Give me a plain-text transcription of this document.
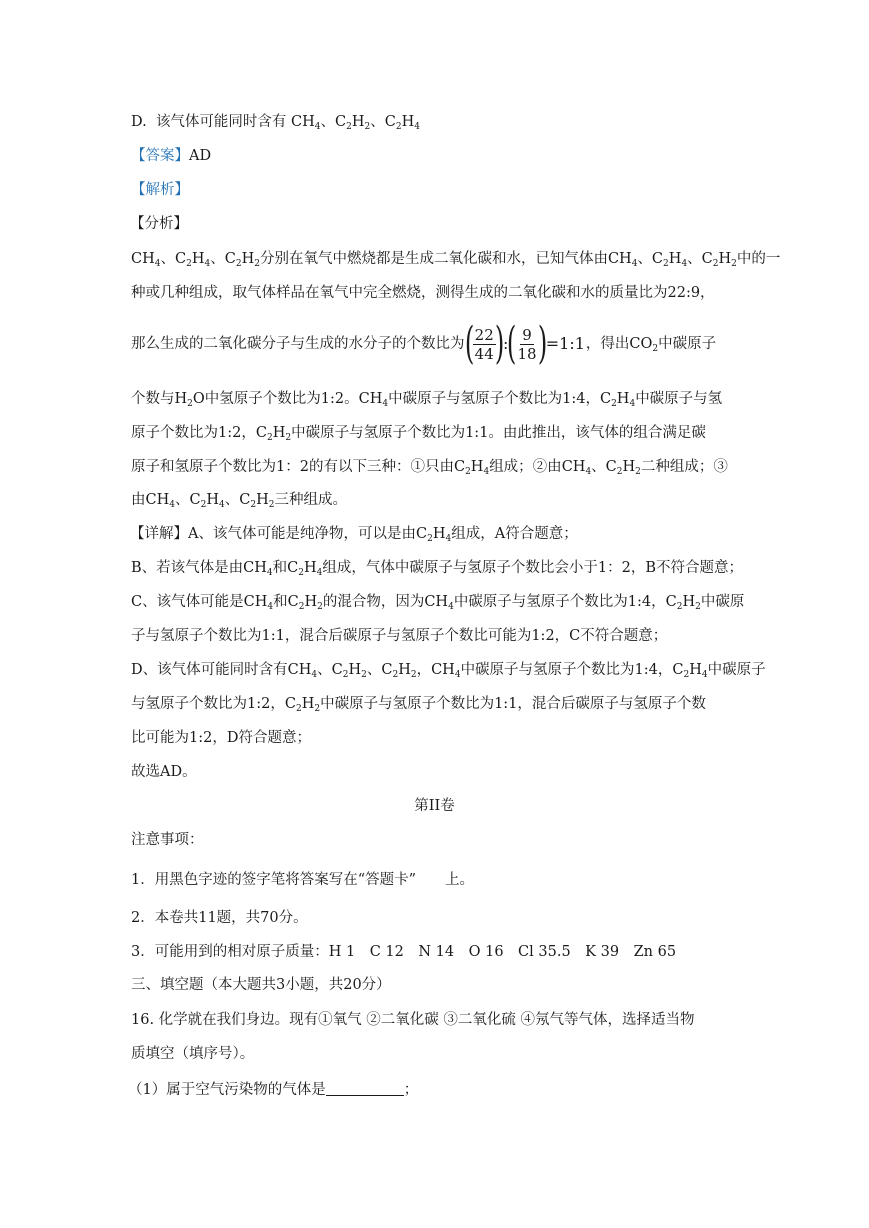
D. 该气体可能同时含有 $CH_4$、$C_2H_2$、$C_2H_4$
【答案】AD
【解析】
【分析】
$CH_4$、$C_2H_4$、$C_2H_2$分别在氧气中燃烧都是生成二氧化碳和水，已知气体由$CH_4$、$C_2H_4$、$C_2H_2$中的一
种或几种组成，取气体样品在氧气中完全燃烧，测得生成的二氧化碳和水的质量比为22:9，
那么生成的二氧化碳分子与生成的水分子的个数比为 (
$\frac{22}{44}$
)
:
(
$\frac{9}{18}$
)
=1:1 ，得出$CO_2$中碳原子
个数与$H_2O$中氢原子个数比为1:2。$CH_4$中碳原子与氢原子个数比为1:4，$C_2H_4$中碳原子与氢
原子个数比为1:2，$C_2H_2$中碳原子与氢原子个数比为1:1。由此推出，该气体的组合满足碳
原子和氢原子个数比为1：2的有以下三种：①只由$C_2H_4$组成；②由$CH_4$、$C_2H_2$二种组成；③
由$CH_4$、$C_2H_4$、$C_2H_2$三种组成。
【详解】A、该气体可能是纯净物，可以是由$C_2H_4$组成，A符合题意；
B、若该气体是由$CH_4$和$C_2H_4$组成，气体中碳原子与氢原子个数比会小于1：2，B不符合题意；
C、该气体可能是$CH_4$和$C_2H_2$的混合物，因为$CH_4$中碳原子与氢原子个数比为1:4，$C_2H_2$中碳原
子与氢原子个数比为1:1，混合后碳原子与氢原子个数比可能为1:2，C不符合题意；
D、该气体可能同时含有$CH_4$、$C_2H_2$、$C_2H_2$，$CH_4$中碳原子与氢原子个数比为1:4，$C_2H_4$中碳原子
与氢原子个数比为1:2，$C_2H_2$中碳原子与氢原子个数比为1:1，混合后碳原子与氢原子个数
比可能为1:2，D符合题意；
故选AD。
第II卷
注意事项：
1．用黑色字迹的签字笔将答案写在“答题卡”　　上。
2．本卷共11题，共70分。
3．可能用到的相对原子质量：H 1　C 12　N 14　O 16　Cl 35.5　K 39　Zn 65
三、填空题（本大题共3小题，共20分）
16. 化学就在我们身边。现有①氧气 ②二氧化碳 ③二氧化硫 ④氖气等气体，选择适当物
质填空（填序号）。
（1）属于空气污染物的气体是	；
